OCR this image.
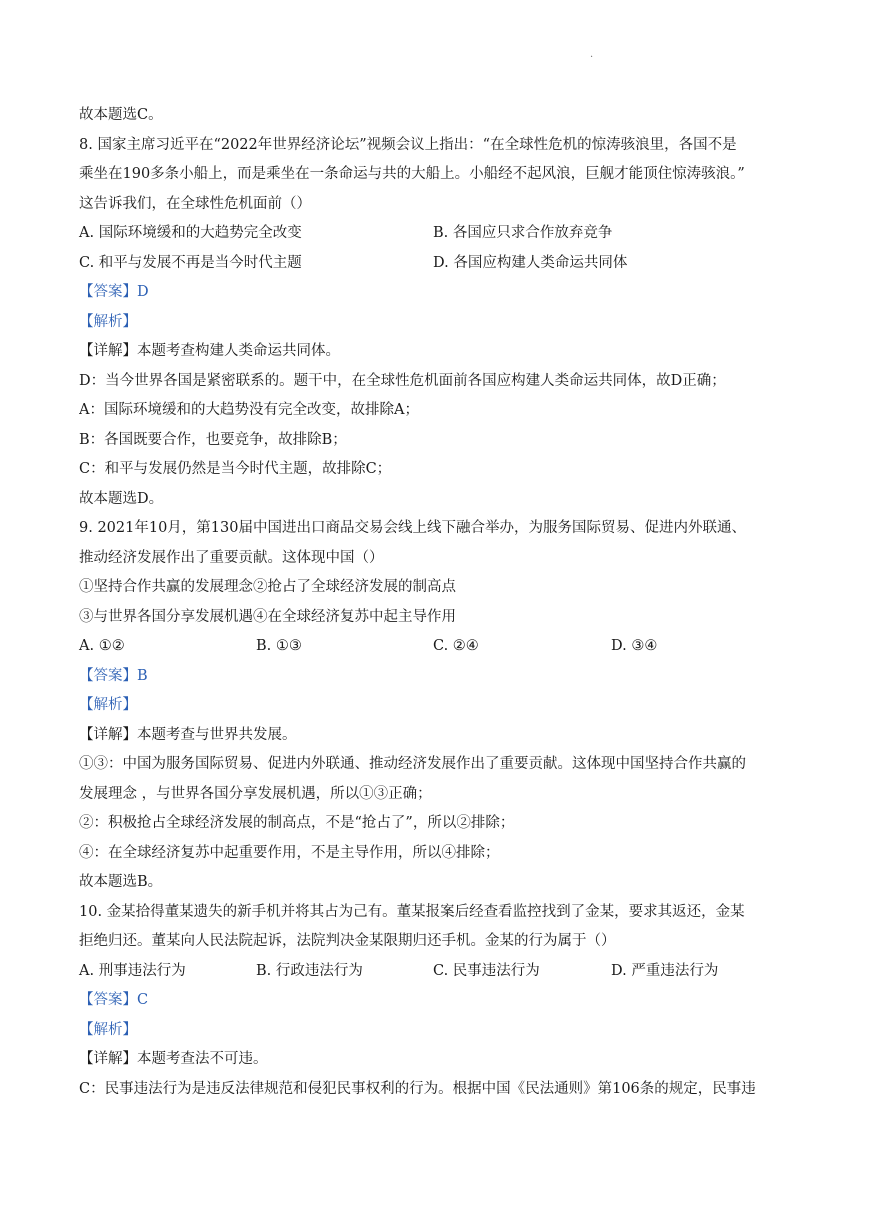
·
故本题选C。
8. 国家主席习近平在“2022年世界经济论坛”视频会议上指出：“在全球性危机的惊涛骇浪里，各国不是
乘坐在190多条小船上，而是乘坐在一条命运与共的大船上。小船经不起风浪，巨舰才能顶住惊涛骇浪。”
这告诉我们，在全球性危机面前（）
A. 国际环境缓和的大趋势完全改变	B. 各国应只求合作放弃竞争
C. 和平与发展不再是当今时代主题	D. 各国应构建人类命运共同体
【答案】D
【解析】
【详解】本题考查构建人类命运共同体。
D：当今世界各国是紧密联系的。题干中，在全球性危机面前各国应构建人类命运共同体，故D正确；
A：国际环境缓和的大趋势没有完全改变，故排除A；
B：各国既要合作，也要竞争，故排除B；
C：和平与发展仍然是当今时代主题，故排除C；
故本题选D。
9. 2021年10月，第130届中国进出口商品交易会线上线下融合举办，为服务国际贸易、促进内外联通、
推动经济发展作出了重要贡献。这体现中国（）
①坚持合作共赢的发展理念②抢占了全球经济发展的制高点
③与世界各国分享发展机遇④在全球经济复苏中起主导作用
A. ①②	B. ①③	C. ②④	D. ③④
【答案】B
【解析】
【详解】本题考查与世界共发展。
①③：中国为服务国际贸易、促进内外联通、推动经济发展作出了重要贡献。这体现中国坚持合作共赢的
发展理念 ，与世界各国分享发展机遇，所以①③正确；
②：积极抢占全球经济发展的制高点，不是“抢占了”，所以②排除；
④：在全球经济复苏中起重要作用，不是主导作用，所以④排除；
故本题选B。
10. 金某拾得董某遗失的新手机并将其占为己有。董某报案后经查看监控找到了金某，要求其返还，金某
拒绝归还。董某向人民法院起诉，法院判决金某限期归还手机。金某的行为属于（）
A. 刑事违法行为	B. 行政违法行为	C. 民事违法行为	D. 严重违法行为
【答案】C
【解析】
【详解】本题考查法不可违。
C：民事违法行为是违反法律规范和侵犯民事权利的行为。根据中国《民法通则》第106条的规定，民事违
